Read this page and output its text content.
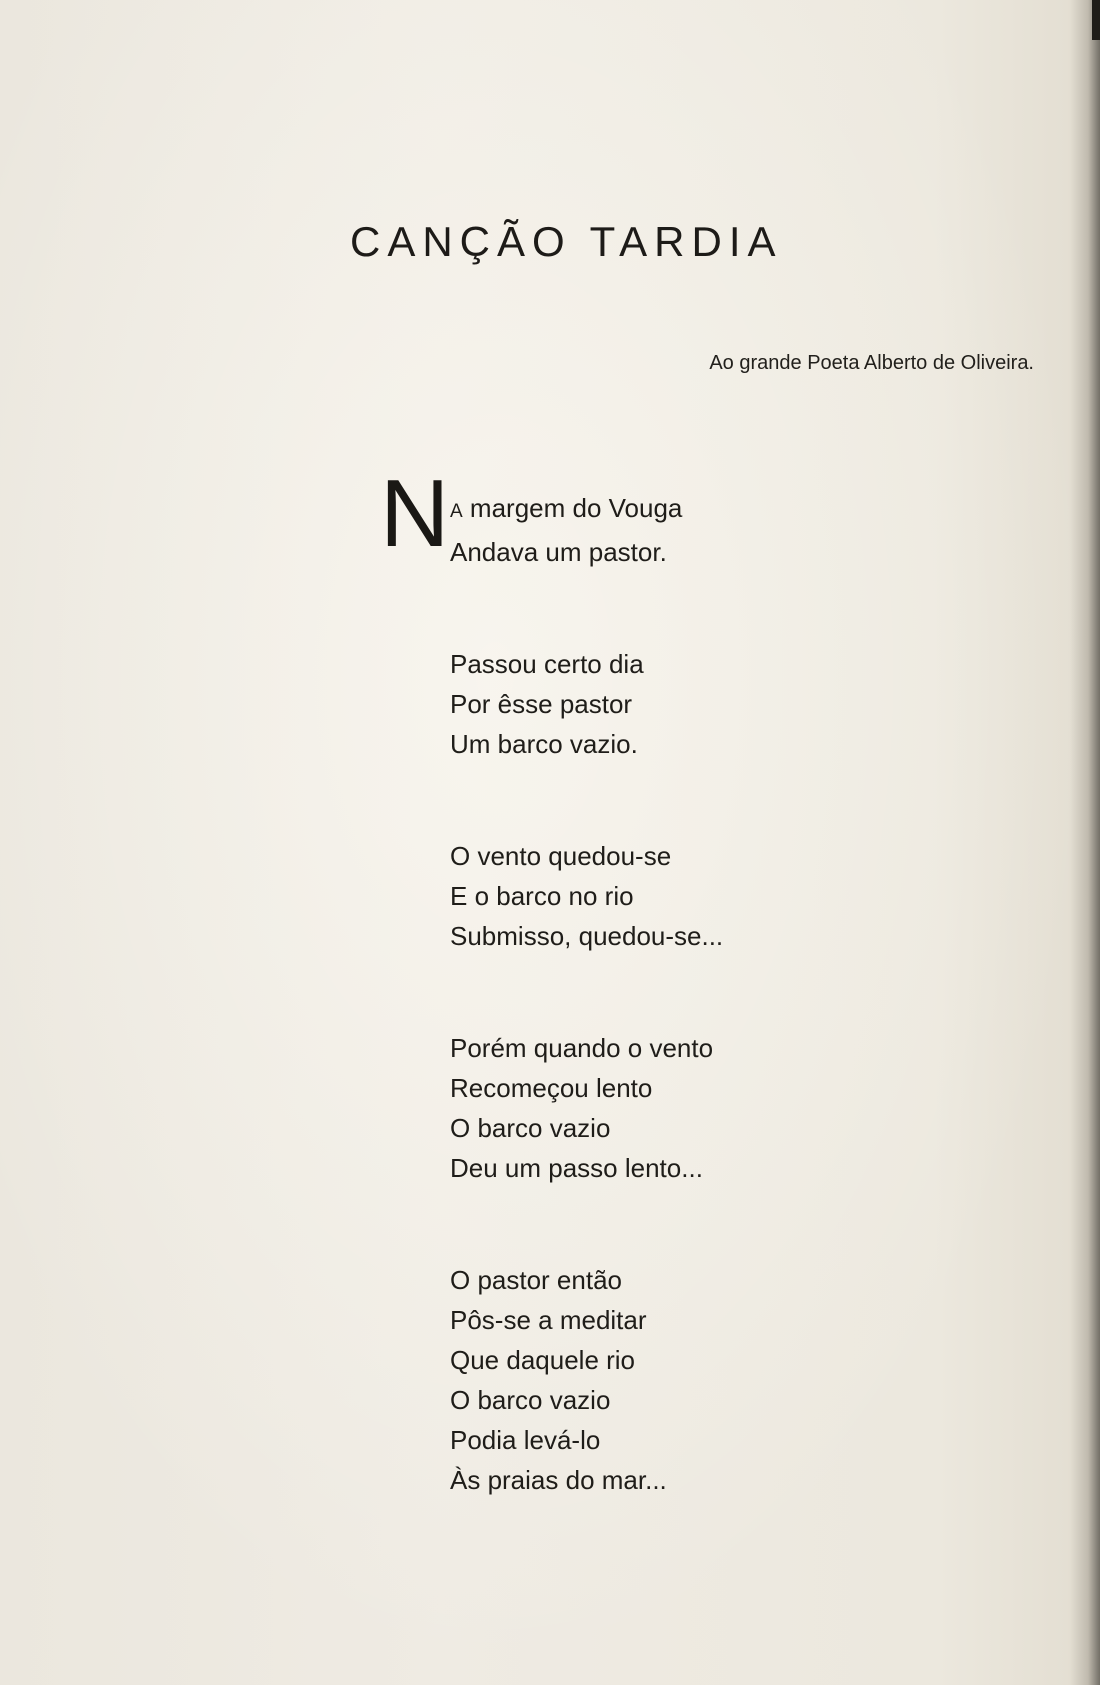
CANÇÃO TARDIA

Ao grande Poeta Alberto de Oliveira.

N A margem do Vouga
Andava um pastor.
Passou certo dia
Por êsse pastor
Um barco vazio.
O vento quedou-se
E o barco no rio
Submisso, quedou-se...
Porém quando o vento
Recomeçou lento
O barco vazio
Deu um passo lento...
O pastor então
Pôs-se a meditar
Que daquele rio
O barco vazio
Podia levá-lo
Às praias do mar...
